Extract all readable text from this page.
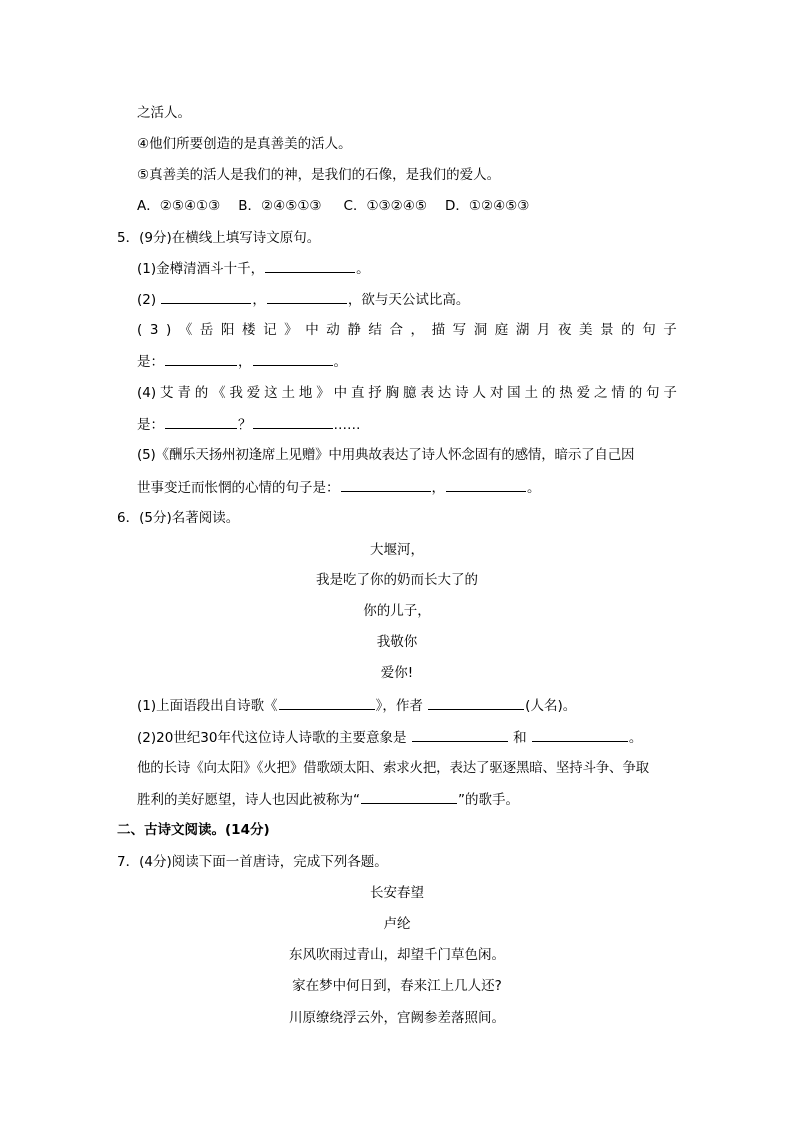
之活人。
④他们所要创造的是真善美的活人。
⑤真善美的活人是我们的神，是我们的石像，是我们的爱人。
A．②⑤④①③ B．②④⑤①③ C．①③②④⑤ D．①②④⑤③
5．(9分)在横线上填写诗文原句。
(1)金樽清酒斗十千，	。
(2)	，	，欲与天公试比高。
( 3 ) 《 岳 阳 楼 记 》 中 动 静 结 合 ， 描 写 洞 庭 湖 月 夜 美 景 的 句 子
是：	，	。
(4) 艾 青 的 《 我 爱 这 土 地 》 中 直 抒 胸 臆 表 达 诗 人 对 国 土 的 热 爱 之 情 的 句 子
是：	？	……
(5)《酬乐天扬州初逢席上见赠》中用典故表达了诗人怀念固有的感情，暗示了自己因
世事变迁而怅惘的心情的句子是：	，	。
6．(5分)名著阅读。
大堰河，
我是吃了你的奶而长大了的
你的儿子，
我敬你
爱你!
(1)上面语段出自诗歌《	》，作者	(人名)。
(2)20世纪30年代这位诗人诗歌的主要意象是	和	。
他的长诗《向太阳》《火把》借歌颂太阳、索求火把，表达了驱逐黑暗、坚持斗争、争取
胜利的美好愿望，诗人也因此被称为“	”的歌手。
二、古诗文阅读。(14分)
7．(4分)阅读下面一首唐诗，完成下列各题。
长安春望
卢纶
东风吹雨过青山，却望千门草色闲。
家在梦中何日到，春来江上几人还?
川原缭绕浮云外，宫阙参差落照间。
